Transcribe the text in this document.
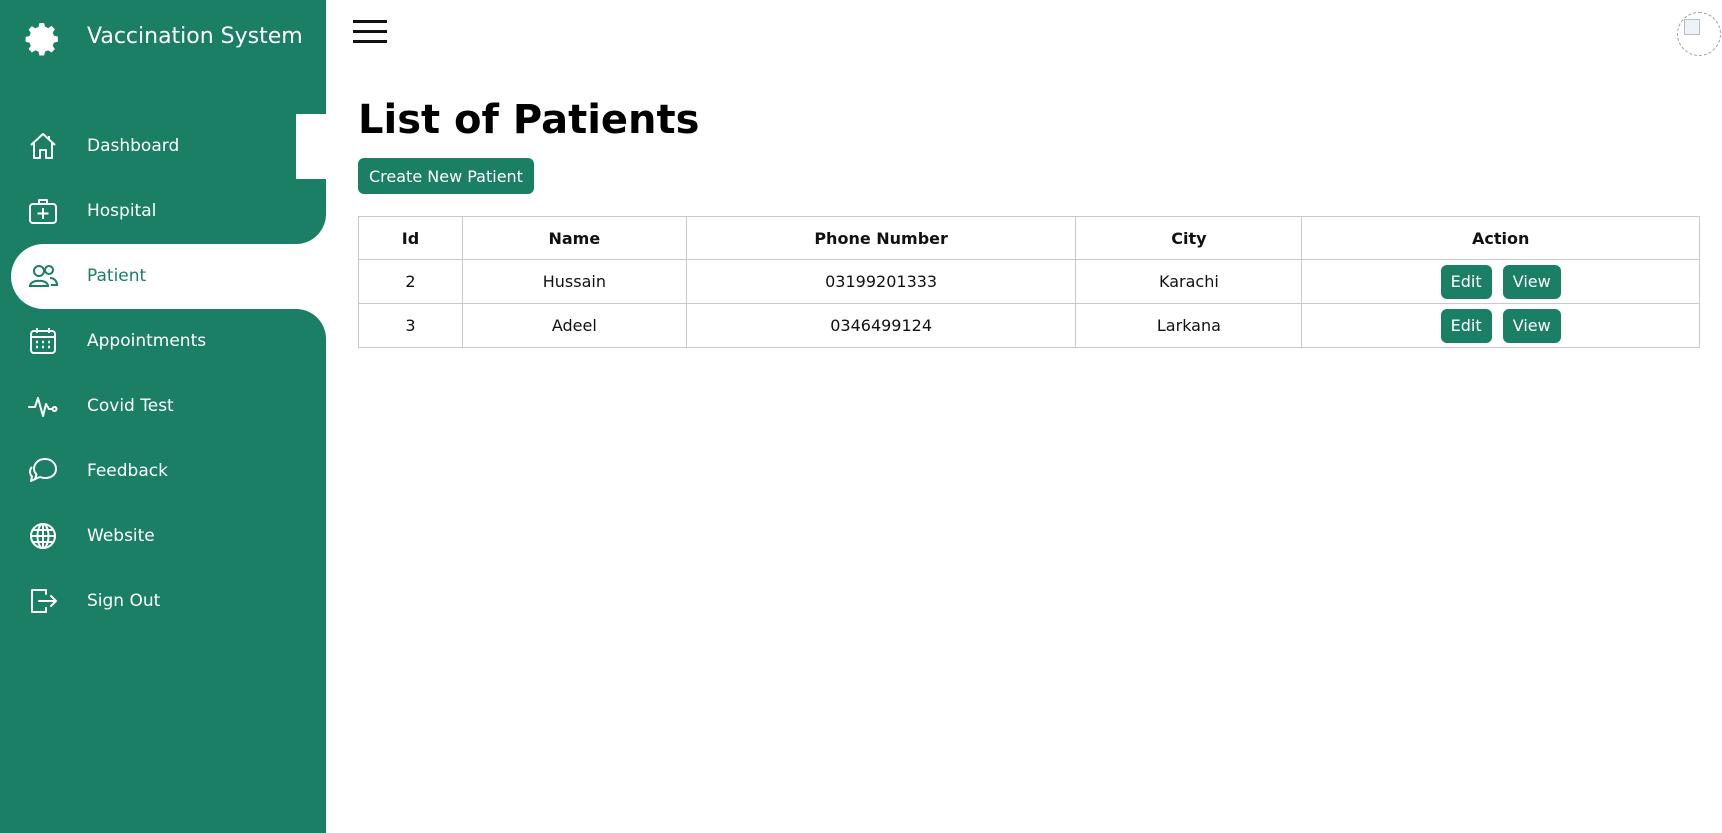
Vaccination System
Dashboard
Hospital
Patient
Appointments
Covid Test
Feedback
Website
Sign Out
List of Patients
Create New Patient
Id	Name	Phone Number	City	Action
2	Hussain	03199201333	Karachi	Edit View
3	Adeel	0346499124	Larkana	Edit View
